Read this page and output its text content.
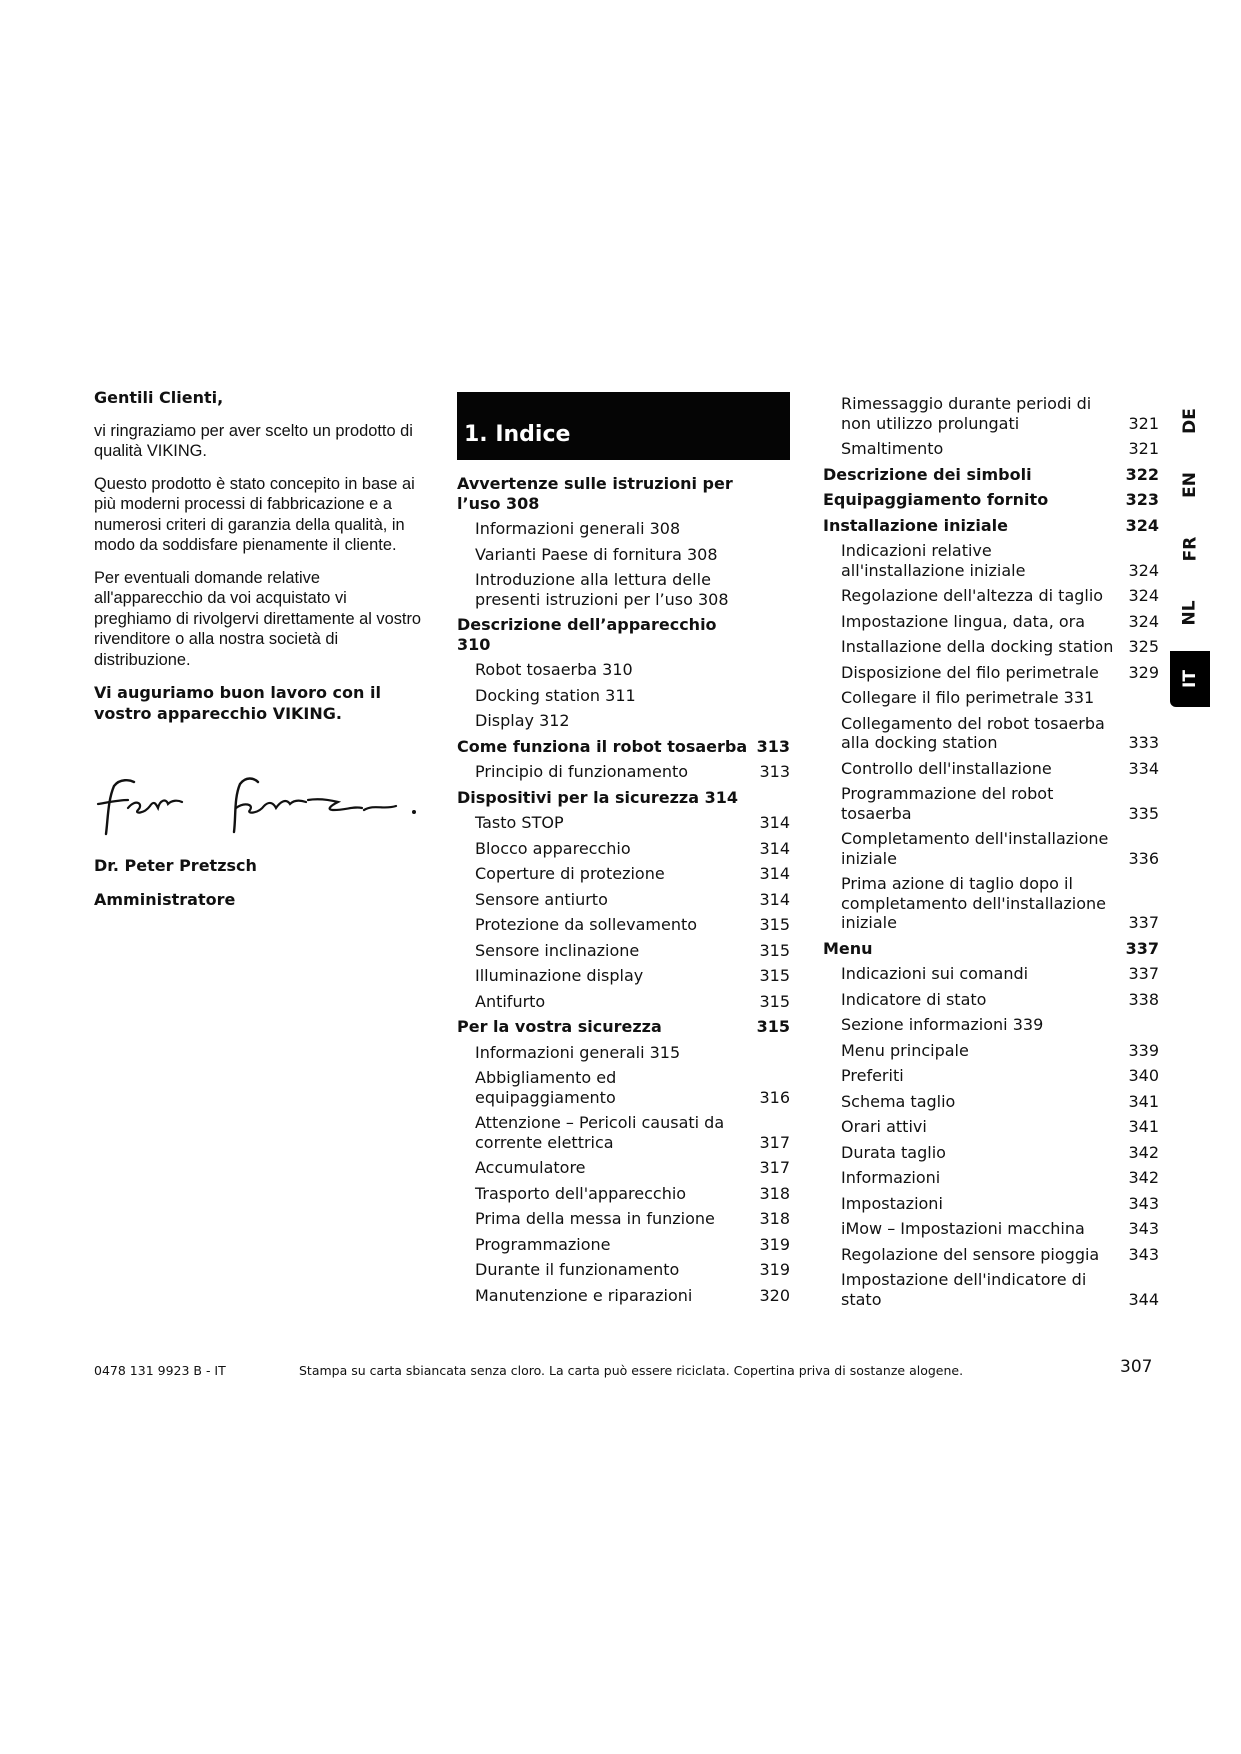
Gentili Clienti,

vi ringraziamo per aver scelto un prodotto di qualità VIKING.

Questo prodotto è stato concepito in base ai più moderni processi di fabbricazione e a numerosi criteri di garanzia della qualità, in modo da soddisfare pienamente il cliente.

Per eventuali domande relative all'apparecchio da voi acquistato vi preghiamo di rivolgervi direttamente al vostro rivenditore o alla nostra società di distribuzione.

Vi auguriamo buon lavoro con il vostro apparecchio VIKING.

Dr. Peter Pretzsch
Amministratore
1. Indice
Avvertenze sulle istruzioni per l’uso 308
Informazioni generali 308
Varianti Paese di fornitura 308
Introduzione alla lettura delle presenti istruzioni per l’uso 308
Descrizione dell’apparecchio 310
Robot tosaerba 310
Docking station 311
Display 312
Come funziona il robot tosaerba 313
Principio di funzionamento	313
Dispositivi per la sicurezza 314
Tasto STOP	314
Blocco apparecchio	314
Coperture di protezione	314
Sensore antiurto	314
Protezione da sollevamento	315
Sensore inclinazione	315
Illuminazione display	315
Antifurto	315
Per la vostra sicurezza	315
Informazioni generali 315
Abbigliamento ed equipaggiamento	316
Attenzione – Pericoli causati da corrente elettrica	317
Accumulatore	317
Trasporto dell'apparecchio	318
Prima della messa in funzione	318
Programmazione	319
Durante il funzionamento	319
Manutenzione e riparazioni	320
Rimessaggio durante periodi di non utilizzo prolungati	321
Smaltimento	321
Descrizione dei simboli	322
Equipaggiamento fornito	323
Installazione iniziale	324
Indicazioni relative all'installazione iniziale	324
Regolazione dell'altezza di taglio	324
Impostazione lingua, data, ora	324
Installazione della docking station 325
Disposizione del filo perimetrale	329
Collegare il filo perimetrale 331
Collegamento del robot tosaerba alla docking station	333
Controllo dell'installazione	334
Programmazione del robot tosaerba	335
Completamento dell'installazione iniziale	336
Prima azione di taglio dopo il completamento dell'installazione iniziale	337
Menu	337
Indicazioni sui comandi	337
Indicatore di stato	338
Sezione informazioni 339
Menu principale	339
Preferiti	340
Schema taglio	341
Orari attivi	341
Durata taglio	342
Informazioni	342
Impostazioni	343
iMow – Impostazioni macchina	343
Regolazione del sensore pioggia	343
Impostazione dell'indicatore di stato	344
DE
EN
FR
NL
IT
0478 131 9923 B - IT	Stampa su carta sbiancata senza cloro. La carta può essere riciclata. Copertina priva di sostanze alogene.	307
